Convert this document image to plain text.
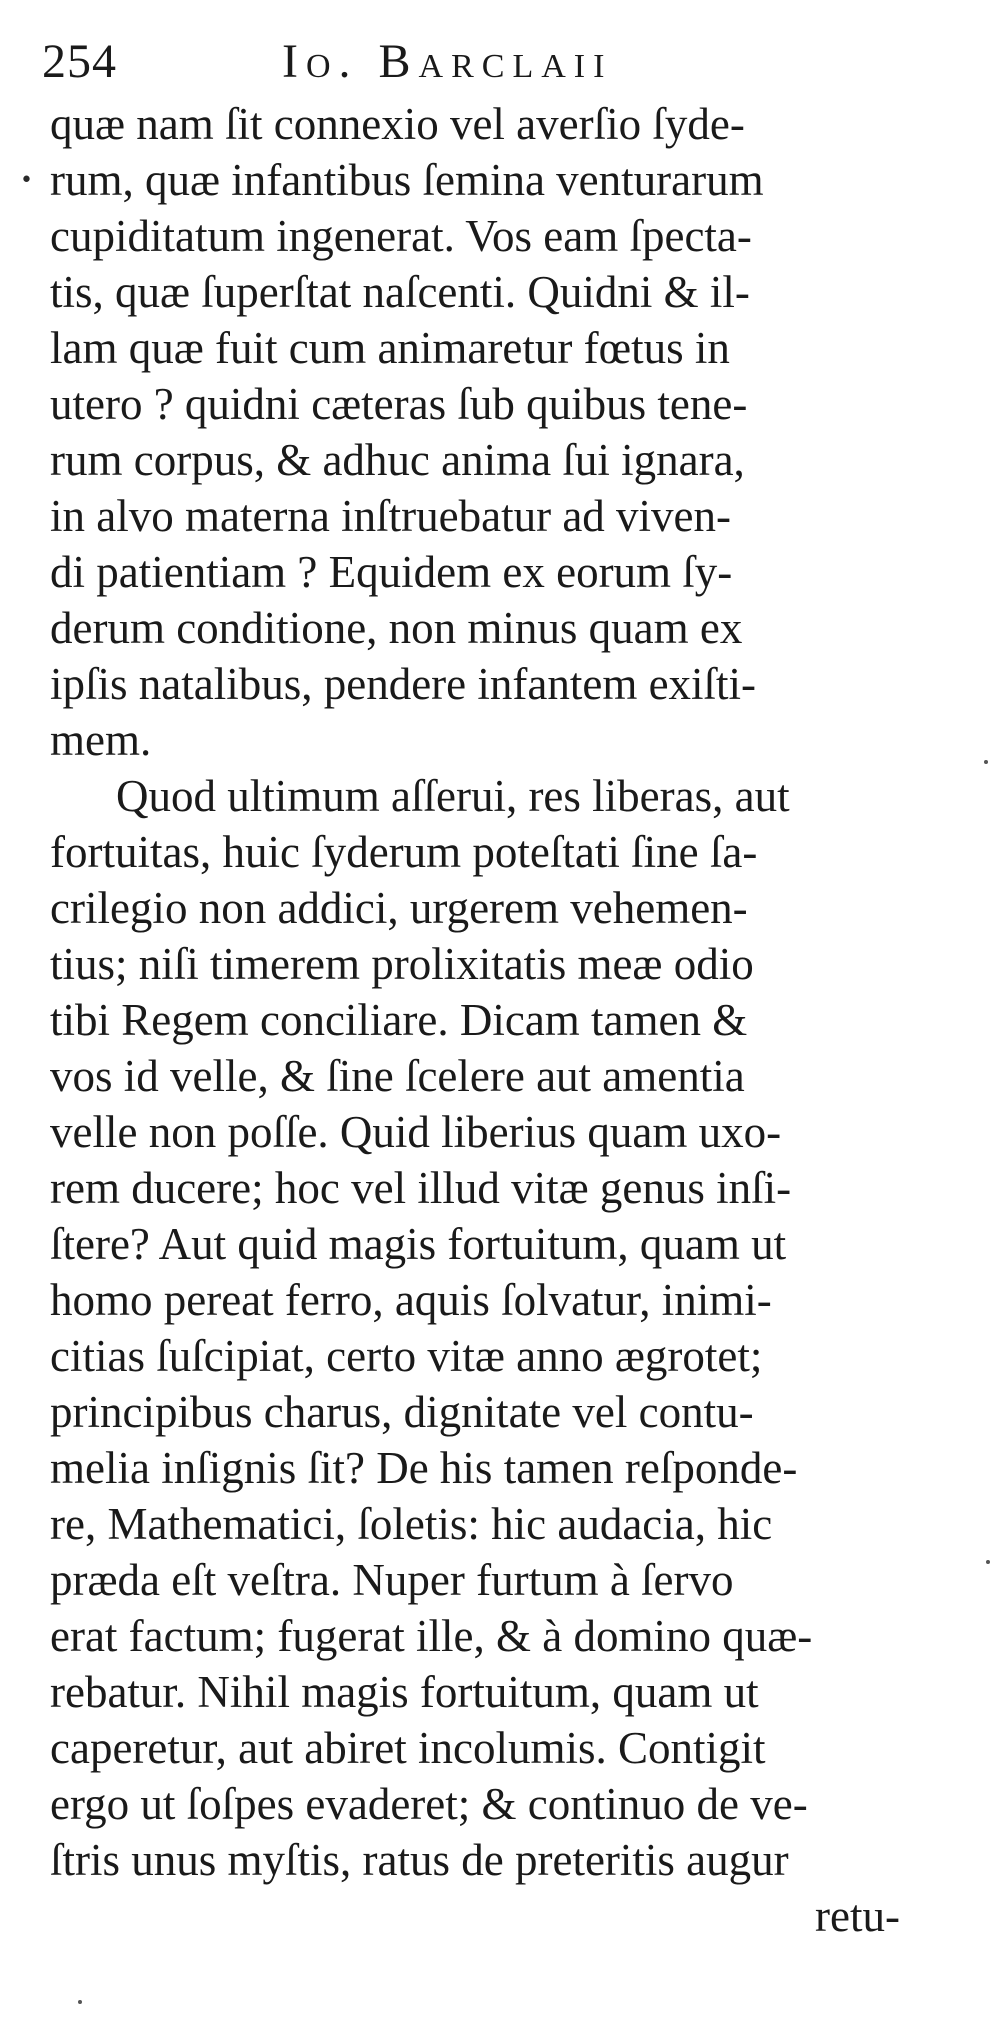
254	Io. Barclaii
•
quæ nam ſit connexio vel averſio ſyde-
rum, quæ infantibus ſemina venturarum
cupiditatum ingenerat. Vos eam ſpecta-
tis, quæ ſuperſtat naſcenti. Quidni & il-
lam quæ fuit cum animaretur fœtus in
utero ? quidni cæteras ſub quibus tene-
rum corpus, & adhuc anima ſui ignara,
in alvo materna inſtruebatur ad viven-
di patientiam ? Equidem ex eorum ſy-
derum conditione, non minus quam ex
ipſis natalibus, pendere infantem exiſti-
mem.
Quod ultimum aſſerui, res liberas, aut
fortuitas, huic ſyderum poteſtati ſine ſa-
crilegio non addici, urgerem vehemen-
tius; niſi timerem prolixitatis meæ odio
tibi Regem conciliare. Dicam tamen &
vos id velle, & ſine ſcelere aut amentia
velle non poſſe. Quid liberius quam uxo-
rem ducere; hoc vel illud vitæ genus inſi-
ſtere? Aut quid magis fortuitum, quam ut
homo pereat ferro, aquis ſolvatur, inimi-
citias ſuſcipiat, certo vitæ anno ægrotet;
principibus charus, dignitate vel contu-
melia inſignis ſit? De his tamen reſponde-
re, Mathematici, ſoletis: hic audacia, hic
præda eſt veſtra. Nuper furtum à ſervo
erat factum; fugerat ille, & à domino quæ-
rebatur. Nihil magis fortuitum, quam ut
caperetur, aut abiret incolumis. Contigit
ergo ut ſoſpes evaderet; & continuo de ve-
ſtris unus myſtis, ratus de preteritis augur
retu-
